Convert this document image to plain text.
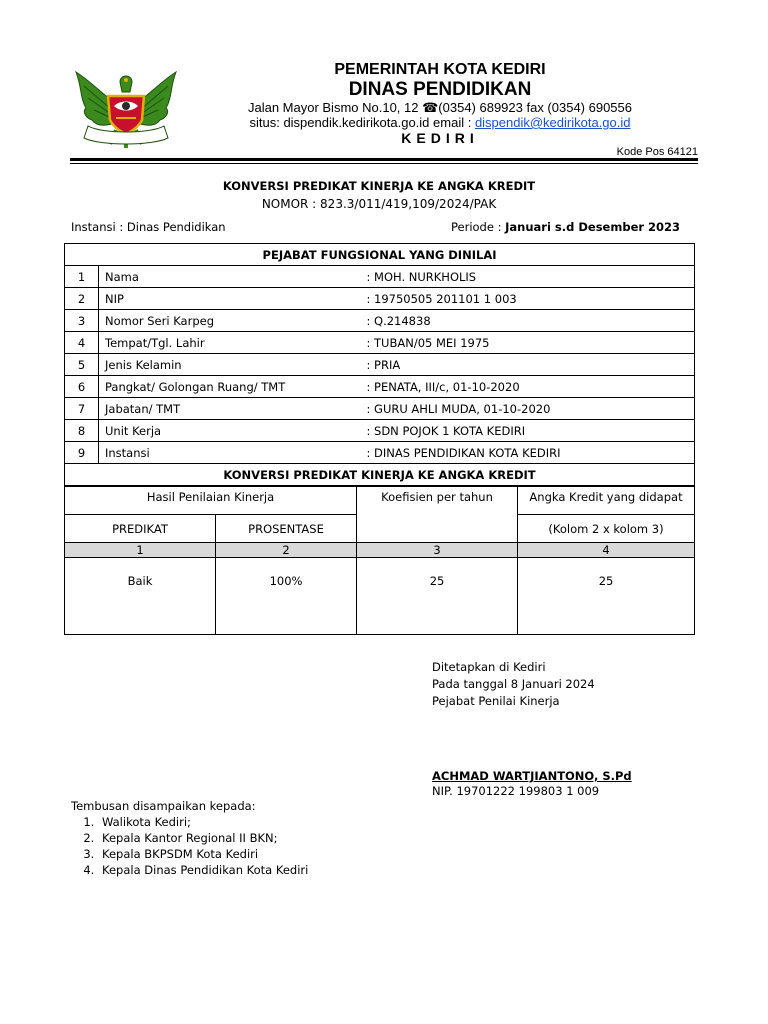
PEMERINTAH KOTA KEDIRI
DINAS PENDIDIKAN
Jalan Mayor Bismo No.10, 12 ☎(0354) 689923 fax (0354) 690556
situs: dispendik.kedirikota.go.id email : dispendik@kedirikota.go.id
KEDIRI
Kode Pos 64121
KONVERSI PREDIKAT KINERJA KE ANGKA KREDIT
NOMOR : 823.3/011/419,109/2024/PAK
Instansi : Dinas Pendidikan	Periode : Januari s.d Desember 2023
PEJABAT FUNGSIONAL YANG DINILAI		
1	Nama	: MOH. NURKHOLIS
2	NIP	: 19750505 201101 1 003
3	Nomor Seri Karpeg	: Q.214838
4	Tempat/Tgl. Lahir	: TUBAN/05 MEI 1975
5	Jenis Kelamin	: PRIA
6	Pangkat/ Golongan Ruang/ TMT	: PENATA, III/c, 01-10-2020
7	Jabatan/ TMT	: GURU AHLI MUDA, 01-10-2020
8	Unit Kerja	: SDN POJOK 1 KOTA KEDIRI
9	Instansi	: DINAS PENDIDIKAN KOTA KEDIRI
KONVERSI PREDIKAT KINERJA KE ANGKA KREDIT		
Hasil Penilaian Kinerja		Koefisien per tahun	Angka Kredit yang didapat
PREDIKAT	PROSENTASE		(Kolom 2 x kolom 3)
1	2	3	4
Baik	100%	25	25
Ditetapkan di Kediri
Pada tanggal 8 Januari 2024
Pejabat Penilai Kinerja
ACHMAD WARTJIANTONO, S.Pd
NIP. 19701222 199803 1 009
Tembusan disampaikan kepada:
1. Walikota Kediri;
2. Kepala Kantor Regional II BKN;
3. Kepala BKPSDM Kota Kediri
4. Kepala Dinas Pendidikan Kota Kediri
